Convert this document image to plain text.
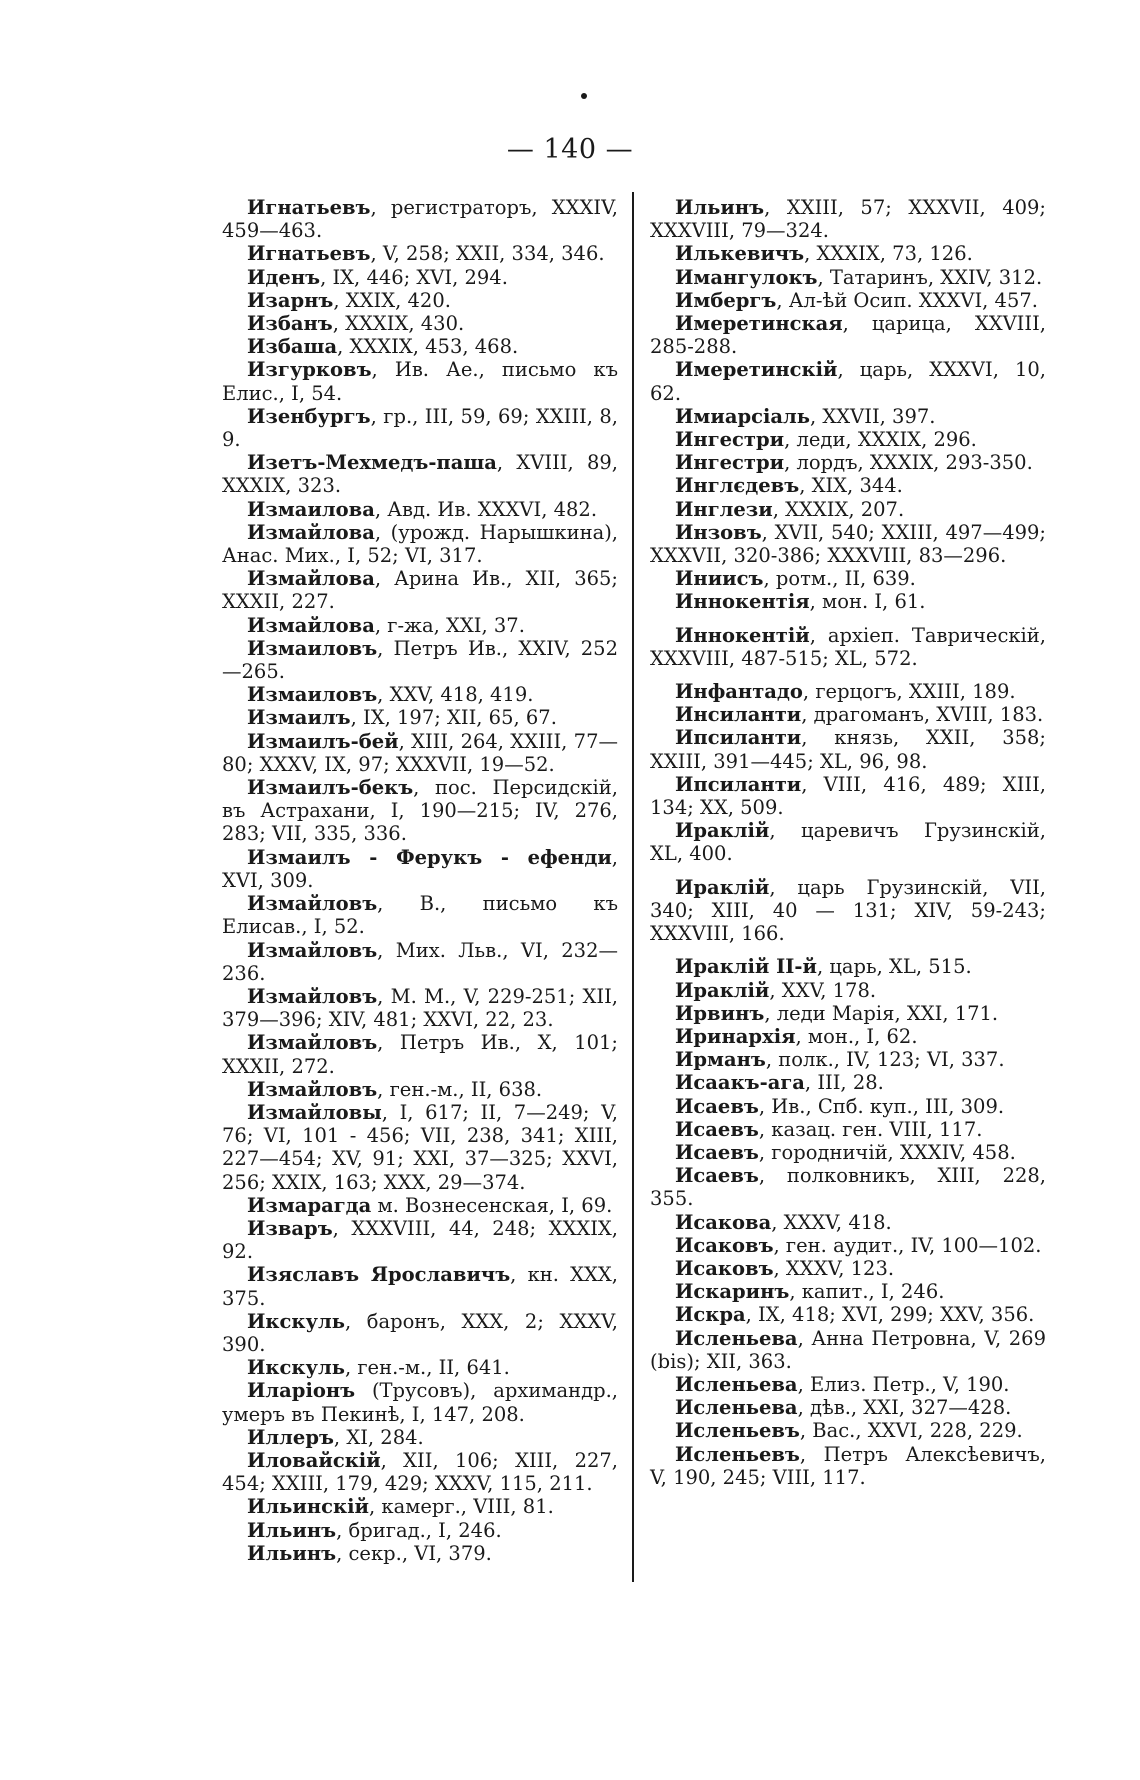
— 140 —
Игнатьевъ, регистраторъ, XXXIV, 459—463.
Игнатьевъ, V, 258; XXII, 334, 346.
Иденъ, IX, 446; XVI, 294.
Изарнъ, XXIX, 420.
Избанъ, XXXIX, 430.
Избаша, XXXIX, 453, 468.
Изгурковъ, Ив. Ае., письмо къ Елис., I, 54.
Изенбургъ, гр., III, 59, 69; XXIII, 8, 9.
Изетъ-Мехмедъ-паша, XVIII, 89, XXXIX, 323.
Измаилова, Авд. Ив. XXXVI, 482.
Измайлова, (урожд. Нарышкина), Анас. Мих., I, 52; VI, 317.
Измайлова, Арина Ив., XII, 365; XXXII, 227.
Измайлова, г-жа, XXI, 37.
Измаиловъ, Петръ Ив., XXIV, 252—265.
Измаиловъ, XXV, 418, 419.
Измаилъ, IX, 197; XII, 65, 67.
Измаилъ-бей, XIII, 264, XXIII, 77—80; XXXV, IX, 97; XXXVII, 19—52.
Измаилъ-бекъ, пос. Персидскій, въ Астрахани, I, 190—215; IV, 276, 283; VII, 335, 336.
Измаилъ - Ферукъ - ефенди, XVI, 309.
Измайловъ, В., письмо къ Елисав., I, 52.
Измайловъ, Мих. Льв., VI, 232—236.
Измайловъ, М. М., V, 229-251; XII, 379—396; XIV, 481; XXVI, 22, 23.
Измайловъ, Петръ Ив., X, 101; XXXII, 272.
Измайловъ, ген.-м., II, 638.
Измайловы, I, 617; II, 7—249; V, 76; VI, 101 - 456; VII, 238, 341; XIII, 227—454; XV, 91; XXI, 37—325; XXVI, 256; XXIX, 163; XXX, 29—374.
Измарагда м. Вознесенская, I, 69.
Изваръ, XXXVIII, 44, 248; XXXIX, 92.
Изяславъ Ярославичъ, кн. XXX, 375.
Икскуль, баронъ, XXX, 2; XXXV, 390.
Икскуль, ген.-м., II, 641.
Иларіонъ (Трусовъ), архимандр., умеръ въ Пекинѣ, I, 147, 208.
Иллеръ, XI, 284.
Иловайскій, XII, 106; XIII, 227, 454; XXIII, 179, 429; XXXV, 115, 211.
Ильинскій, камерг., VIII, 81.
Ильинъ, бригад., I, 246.
Ильинъ, секр., VI, 379.
Ильинъ, XXIII, 57; XXXVII, 409; XXXVIII, 79—324.
Илькевичъ, XXXIX, 73, 126.
Имангулокъ, Татаринъ, XXIV, 312.
Имбергъ, Ал-ѣй Осип. XXXVI, 457.
Имеретинская, царица, XXVIII, 285-288.
Имеретинскій, царь, XXXVI, 10, 62.
Имиарсіаль, XXVII, 397.
Ингестри, леди, XXXIX, 296.
Ингестри, лордъ, XXXIX, 293-350.
Инглєдевъ, XIX, 344.
Инглези, XXXIX, 207.
Инзовъ, XVII, 540; XXIII, 497—499; XXXVII, 320-386; XXXVIII, 83—296.
Иниисъ, ротм., II, 639.
Иннокентія, мон. I, 61.
Иннокентій, архіеп. Таврическій, XXXVIII, 487-515; XL, 572.
Инфантадо, герцогъ, XXIII, 189.
Инсиланти, драгоманъ, XVIII, 183.
Ипсиланти, князь, XXII, 358; XXIII, 391—445; XL, 96, 98.
Ипсиланти, VIII, 416, 489; XIII, 134; XX, 509.
Ираклій, царевичъ Грузинскій, XL, 400.
Ираклій, царь Грузинскій, VII, 340; XIII, 40 — 131; XIV, 59-243; XXXVIII, 166.
Ираклій II-й, царь, XL, 515.
Ираклій, XXV, 178.
Ирвинъ, леди Марія, XXI, 171.
Иринархія, мон., I, 62.
Ирманъ, полк., IV, 123; VI, 337.
Исаакъ-ага, III, 28.
Исаевъ, Ив., Спб. куп., III, 309.
Исаевъ, казац. ген. VIII, 117.
Исаевъ, городничій, XXXIV, 458.
Исаевъ, полковникъ, XIII, 228, 355.
Исакова, XXXV, 418.
Исаковъ, ген. аудит., IV, 100—102.
Исаковъ, XXXV, 123.
Искаринъ, капит., I, 246.
Искра, IX, 418; XVI, 299; XXV, 356.
Исленьева, Анна Петровна, V, 269 (bis); XII, 363.
Исленьева, Елиз. Петр., V, 190.
Исленьева, дѣв., XXI, 327—428.
Исленьевъ, Вас., XXVI, 228, 229.
Исленьевъ, Петръ Алексѣевичъ, V, 190, 245; VIII, 117.
